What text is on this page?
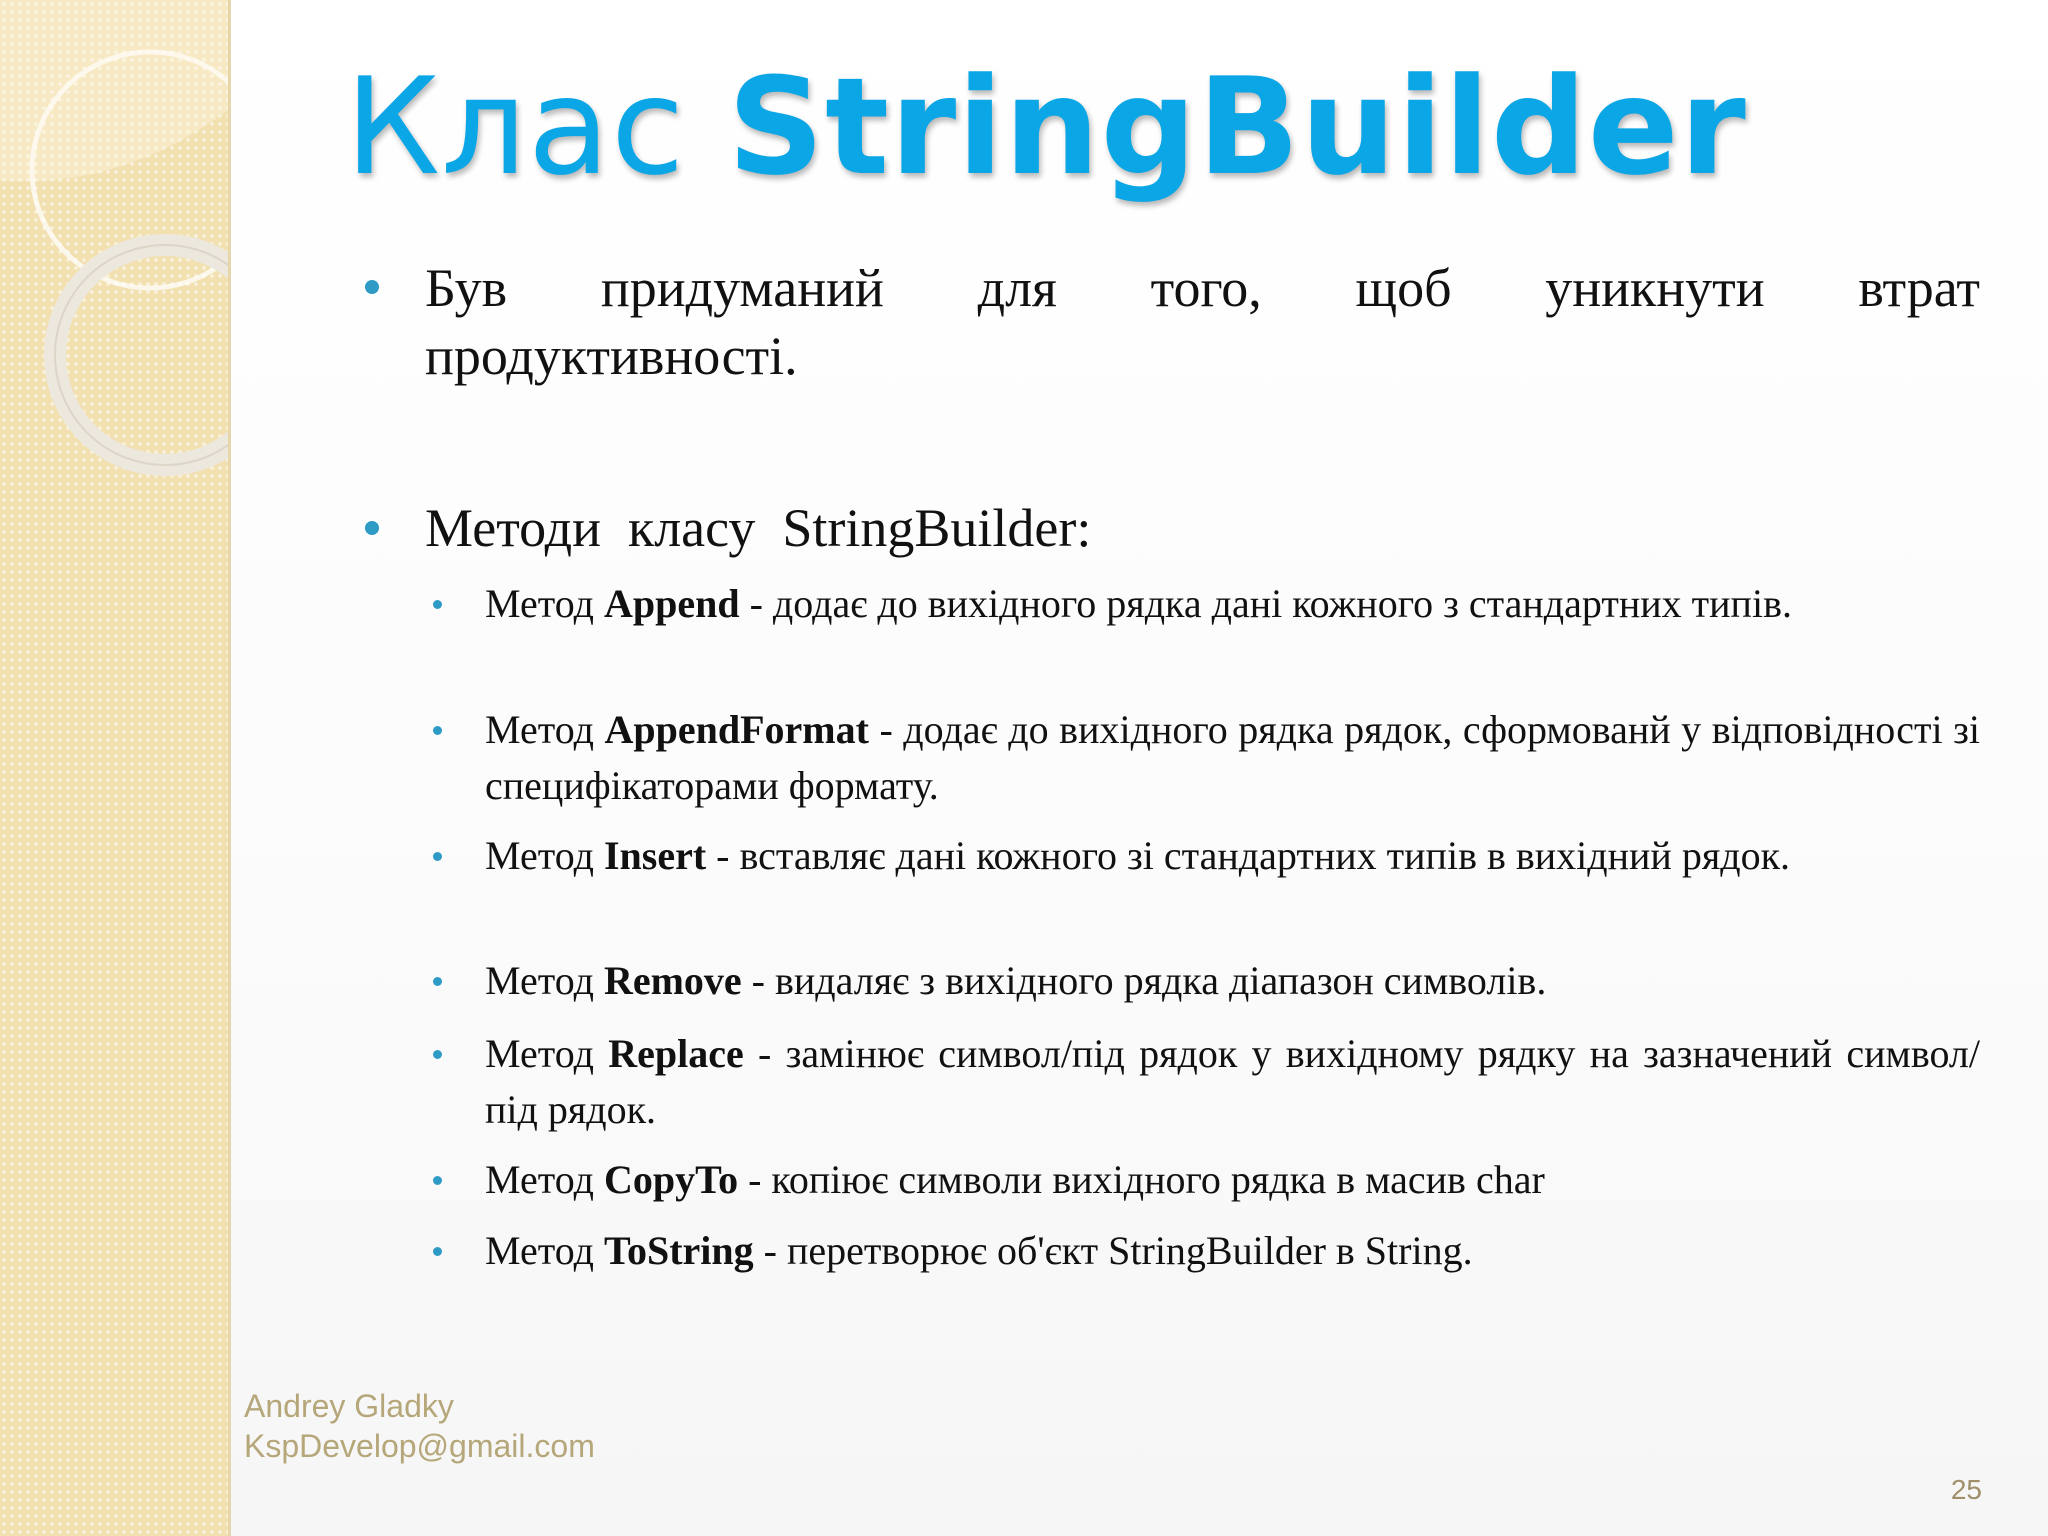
Клас StringBuilder
Був придуманий для того, щоб уникнути втрат
продуктивності.
Методи  класу  StringBuilder:
Метод Append - додає до вихідного рядка дані кожного з стандартних типів.
Метод AppendFormat - додає до вихідного рядка рядок, сформованй у відповідності зі специфікаторами формату.
Метод Insert - вставляє дані кожного зі стандартних типів в вихідний рядок.
Метод Remove - видаляє з вихідного рядка діапазон символів.
Метод Replace - замінює символ/під рядок у вихідному рядку на зазначений символ/під рядок.
Метод CopyTo - копіює символи вихідного рядка в масив char
Метод ToString - перетворює об'єкт StringBuilder в String.
Andrey Gladky
KspDevelop@gmail.com
25
